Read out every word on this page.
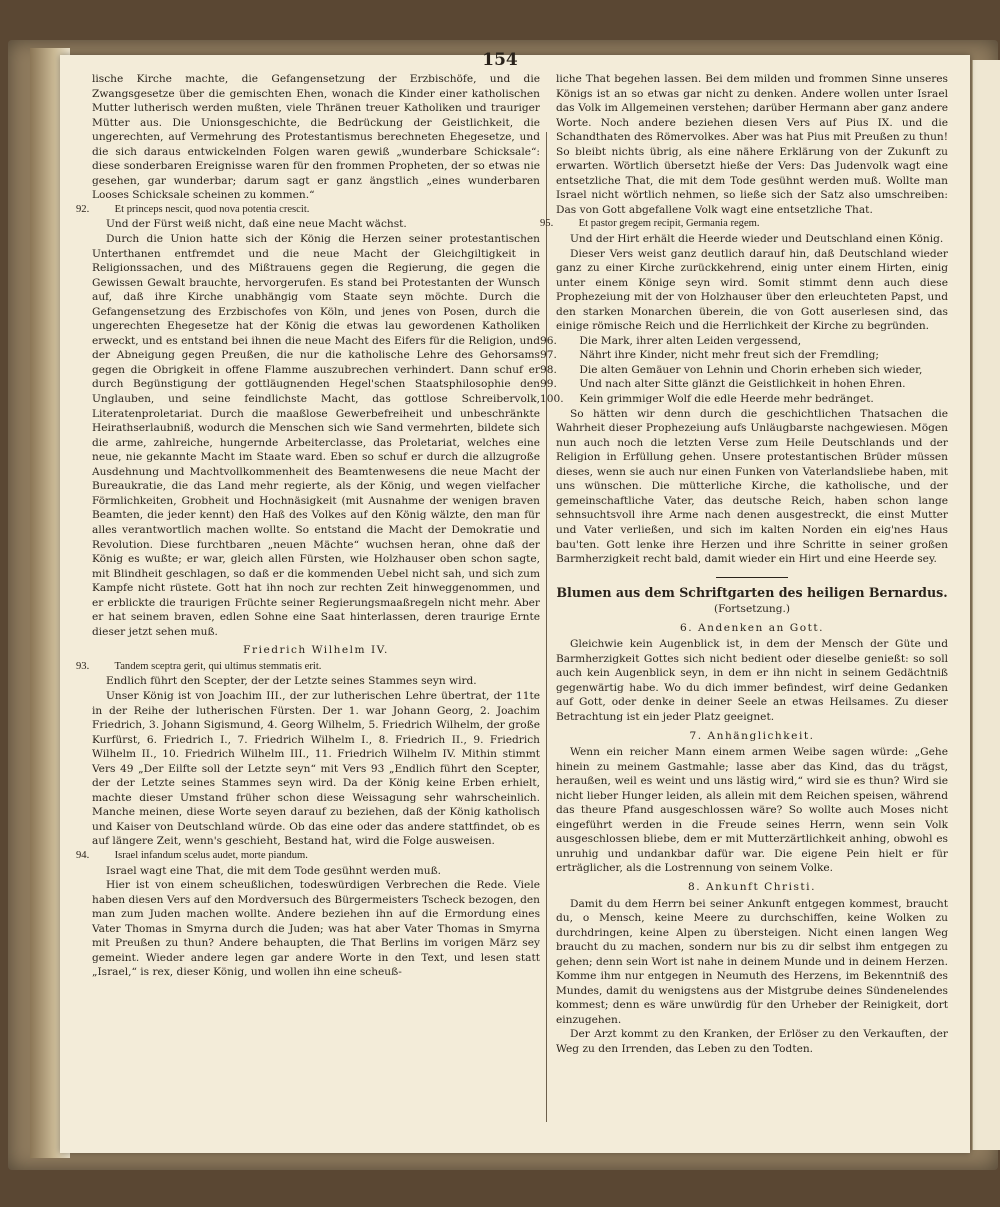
154

lische Kirche machte, die Gefangensetzung der Erzbischöfe, und die Zwangsgesetze über die gemischten Ehen, wonach die Kinder einer katholischen Mutter lutherisch werden mußten, viele Thränen treuer Katholiken und trauriger Mütter aus. Die Unionsgeschichte, die Bedrückung der Geistlichkeit, die ungerechten, auf Vermehrung des Protestantismus berechneten Ehegesetze, und die sich daraus entwickelnden Folgen waren gewiß „wunderbare Schicksale“: diese sonderbaren Ereignisse waren für den frommen Propheten, der so etwas nie gesehen, gar wunderbar; darum sagt er ganz ängstlich „eines wunderbaren Looses Schicksale scheinen zu kommen.“

92. Et princeps nescit, quod nova potentia crescit.

Und der Fürst weiß nicht, daß eine neue Macht wächst.

Durch die Union hatte sich der König die Herzen seiner protestantischen Unterthanen entfremdet und die neue Macht der Gleichgiltigkeit in Religionssachen, und des Mißtrauens gegen die Regierung, die gegen die Gewissen Gewalt brauchte, hervorgerufen. Es stand bei Protestanten der Wunsch auf, daß ihre Kirche unabhängig vom Staate seyn möchte. Durch die Gefangensetzung des Erzbischofes von Köln, und jenes von Posen, durch die ungerechten Ehegesetze hat der König die etwas lau gewordenen Katholiken erweckt, und es entstand bei ihnen die neue Macht des Eifers für die Religion, und der Abneigung gegen Preußen, die nur die katholische Lehre des Gehorsams gegen die Obrigkeit in offene Flamme auszubrechen verhindert. Dann schuf er durch Begünstigung der gottläugnenden Hegel'schen Staatsphilosophie den Unglauben, und seine feindlichste Macht, das gottlose Schreibervolk, Literatenproletariat. Durch die maaßlose Gewerbefreiheit und unbeschränkte Heirathserlaubniß, wodurch die Menschen sich wie Sand vermehrten, bildete sich die arme, zahlreiche, hungernde Arbeiterclasse, das Proletariat, welches eine neue, nie gekannte Macht im Staate ward. Eben so schuf er durch die allzugroße Ausdehnung und Machtvollkommenheit des Beamtenwesens die neue Macht der Bureaukratie, die das Land mehr regierte, als der König, und wegen vielfacher Förmlichkeiten, Grobheit und Hochnäsigkeit (mit Ausnahme der wenigen braven Beamten, die jeder kennt) den Haß des Volkes auf den König wälzte, den man für alles verantwortlich machen wollte. So entstand die Macht der Demokratie und Revolution. Diese furchtbaren „neuen Mächte“ wuchsen heran, ohne daß der König es wußte; er war, gleich allen Fürsten, wie Holzhauser oben schon sagte, mit Blindheit geschlagen, so daß er die kommenden Uebel nicht sah, und sich zum Kampfe nicht rüstete. Gott hat ihn noch zur rechten Zeit hinweggenommen, und er erblickte die traurigen Früchte seiner Regierungsmaaßregeln nicht mehr. Aber er hat seinem braven, edlen Sohne eine Saat hinterlassen, deren traurige Ernte dieser jetzt sehen muß.

Friedrich Wilhelm IV.

93. Tandem sceptra gerit, qui ultimus stemmatis erit.

Endlich führt den Scepter, der der Letzte seines Stammes seyn wird.

Unser König ist von Joachim III., der zur lutherischen Lehre übertrat, der 11te in der Reihe der lutherischen Fürsten. Der 1. war Johann Georg, 2. Joachim Friedrich, 3. Johann Sigismund, 4. Georg Wilhelm, 5. Friedrich Wilhelm, der große Kurfürst, 6. Friedrich I., 7. Friedrich Wilhelm I., 8. Friedrich II., 9. Friedrich Wilhelm II., 10. Friedrich Wilhelm III., 11. Friedrich Wilhelm IV. Mithin stimmt Vers 49 „Der Eilfte soll der Letzte seyn“ mit Vers 93 „Endlich führt den Scepter, der der Letzte seines Stammes seyn wird. Da der König keine Erben erhielt, machte dieser Umstand früher schon diese Weissagung sehr wahrscheinlich. Manche meinen, diese Worte seyen darauf zu beziehen, daß der König katholisch und Kaiser von Deutschland würde. Ob das eine oder das andere stattfindet, ob es auf längere Zeit, wenn's geschieht, Bestand hat, wird die Folge ausweisen.

94. Israel infandum scelus audet, morte piandum.

Israel wagt eine That, die mit dem Tode gesühnt werden muß.

Hier ist von einem scheußlichen, todeswürdigen Verbrechen die Rede. Viele haben diesen Vers auf den Mordversuch des Bürgermeisters Tscheck bezogen, den man zum Juden machen wollte. Andere beziehen ihn auf die Ermordung eines Vater Thomas in Smyrna durch die Juden; was hat aber Vater Thomas in Smyrna mit Preußen zu thun? Andere behaupten, die That Berlins im vorigen März sey gemeint. Wieder andere legen gar andere Worte in den Text, und lesen statt „Israel,“ is rex, dieser König, und wollen ihn eine scheuß-

liche That begehen lassen. Bei dem milden und frommen Sinne unseres Königs ist an so etwas gar nicht zu denken. Andere wollen unter Israel das Volk im Allgemeinen verstehen; darüber Hermann aber ganz andere Worte. Noch andere beziehen diesen Vers auf Pius IX. und die Schandthaten des Römervolkes. Aber was hat Pius mit Preußen zu thun! So bleibt nichts übrig, als eine nähere Erklärung von der Zukunft zu erwarten. Wörtlich übersetzt hieße der Vers: Das Judenvolk wagt eine entsetzliche That, die mit dem Tode gesühnt werden muß. Wollte man Israel nicht wörtlich nehmen, so ließe sich der Satz also umschreiben: Das von Gott abgefallene Volk wagt eine entsetzliche That.

95. Et pastor gregem recipit, Germania regem.

Und der Hirt erhält die Heerde wieder und Deutschland einen König.

Dieser Vers weist ganz deutlich darauf hin, daß Deutschland wieder ganz zu einer Kirche zurückkehrend, einig unter einem Hirten, einig unter einem Könige seyn wird. Somit stimmt denn auch diese Prophezeiung mit der von Holzhauser über den erleuchteten Papst, und den starken Monarchen überein, die von Gott auserlesen sind, das einige römische Reich und die Herrlichkeit der Kirche zu begründen.

96. Die Mark, ihrer alten Leiden vergessend,

97. Nährt ihre Kinder, nicht mehr freut sich der Fremdling;

98. Die alten Gemäuer von Lehnin und Chorin erheben sich wieder,

99. Und nach alter Sitte glänzt die Geistlichkeit in hohen Ehren.

100. Kein grimmiger Wolf die edle Heerde mehr bedränget.

So hätten wir denn durch die geschichtlichen Thatsachen die Wahrheit dieser Prophezeiung aufs Unläugbarste nachgewiesen. Mögen nun auch noch die letzten Verse zum Heile Deutschlands und der Religion in Erfüllung gehen. Unsere protestantischen Brüder müssen dieses, wenn sie auch nur einen Funken von Vaterlandsliebe haben, mit uns wünschen. Die mütterliche Kirche, die katholische, und der gemeinschaftliche Vater, das deutsche Reich, haben schon lange sehnsuchtsvoll ihre Arme nach denen ausgestreckt, die einst Mutter und Vater verließen, und sich im kalten Norden ein eig'nes Haus bau'ten. Gott lenke ihre Herzen und ihre Schritte in seiner großen Barmherzigkeit recht bald, damit wieder ein Hirt und eine Heerde sey.

Blumen aus dem Schriftgarten des heiligen Bernardus.

(Fortsetzung.)

6. Andenken an Gott.

Gleichwie kein Augenblick ist, in dem der Mensch der Güte und Barmherzigkeit Gottes sich nicht bedient oder dieselbe genießt: so soll auch kein Augenblick seyn, in dem er ihn nicht in seinem Gedächtniß gegenwärtig habe. Wo du dich immer befindest, wirf deine Gedanken auf Gott, oder denke in deiner Seele an etwas Heilsames. Zu dieser Betrachtung ist ein jeder Platz geeignet.

7. Anhänglichkeit.

Wenn ein reicher Mann einem armen Weibe sagen würde: „Gehe hinein zu meinem Gastmahle; lasse aber das Kind, das du trägst, heraußen, weil es weint und uns lästig wird,“ wird sie es thun? Wird sie nicht lieber Hunger leiden, als allein mit dem Reichen speisen, während das theure Pfand ausgeschlossen wäre? So wollte auch Moses nicht eingeführt werden in die Freude seines Herrn, wenn sein Volk ausgeschlossen bliebe, dem er mit Mutterzärtlichkeit anhing, obwohl es unruhig und undankbar dafür war. Die eigene Pein hielt er für erträglicher, als die Lostrennung von seinem Volke.

8. Ankunft Christi.

Damit du dem Herrn bei seiner Ankunft entgegen kommest, braucht du, o Mensch, keine Meere zu durchschiffen, keine Wolken zu durchdringen, keine Alpen zu übersteigen. Nicht einen langen Weg braucht du zu machen, sondern nur bis zu dir selbst ihm entgegen zu gehen; denn sein Wort ist nahe in deinem Munde und in deinem Herzen. Komme ihm nur entgegen in Neumuth des Herzens, im Bekenntniß des Mundes, damit du wenigstens aus der Mistgrube deines Sündenelendes kommest; denn es wäre unwürdig für den Urheber der Reinigkeit, dort einzugehen.

Der Arzt kommt zu den Kranken, der Erlöser zu den Verkauften, der Weg zu den Irrenden, das Leben zu den Todten.
